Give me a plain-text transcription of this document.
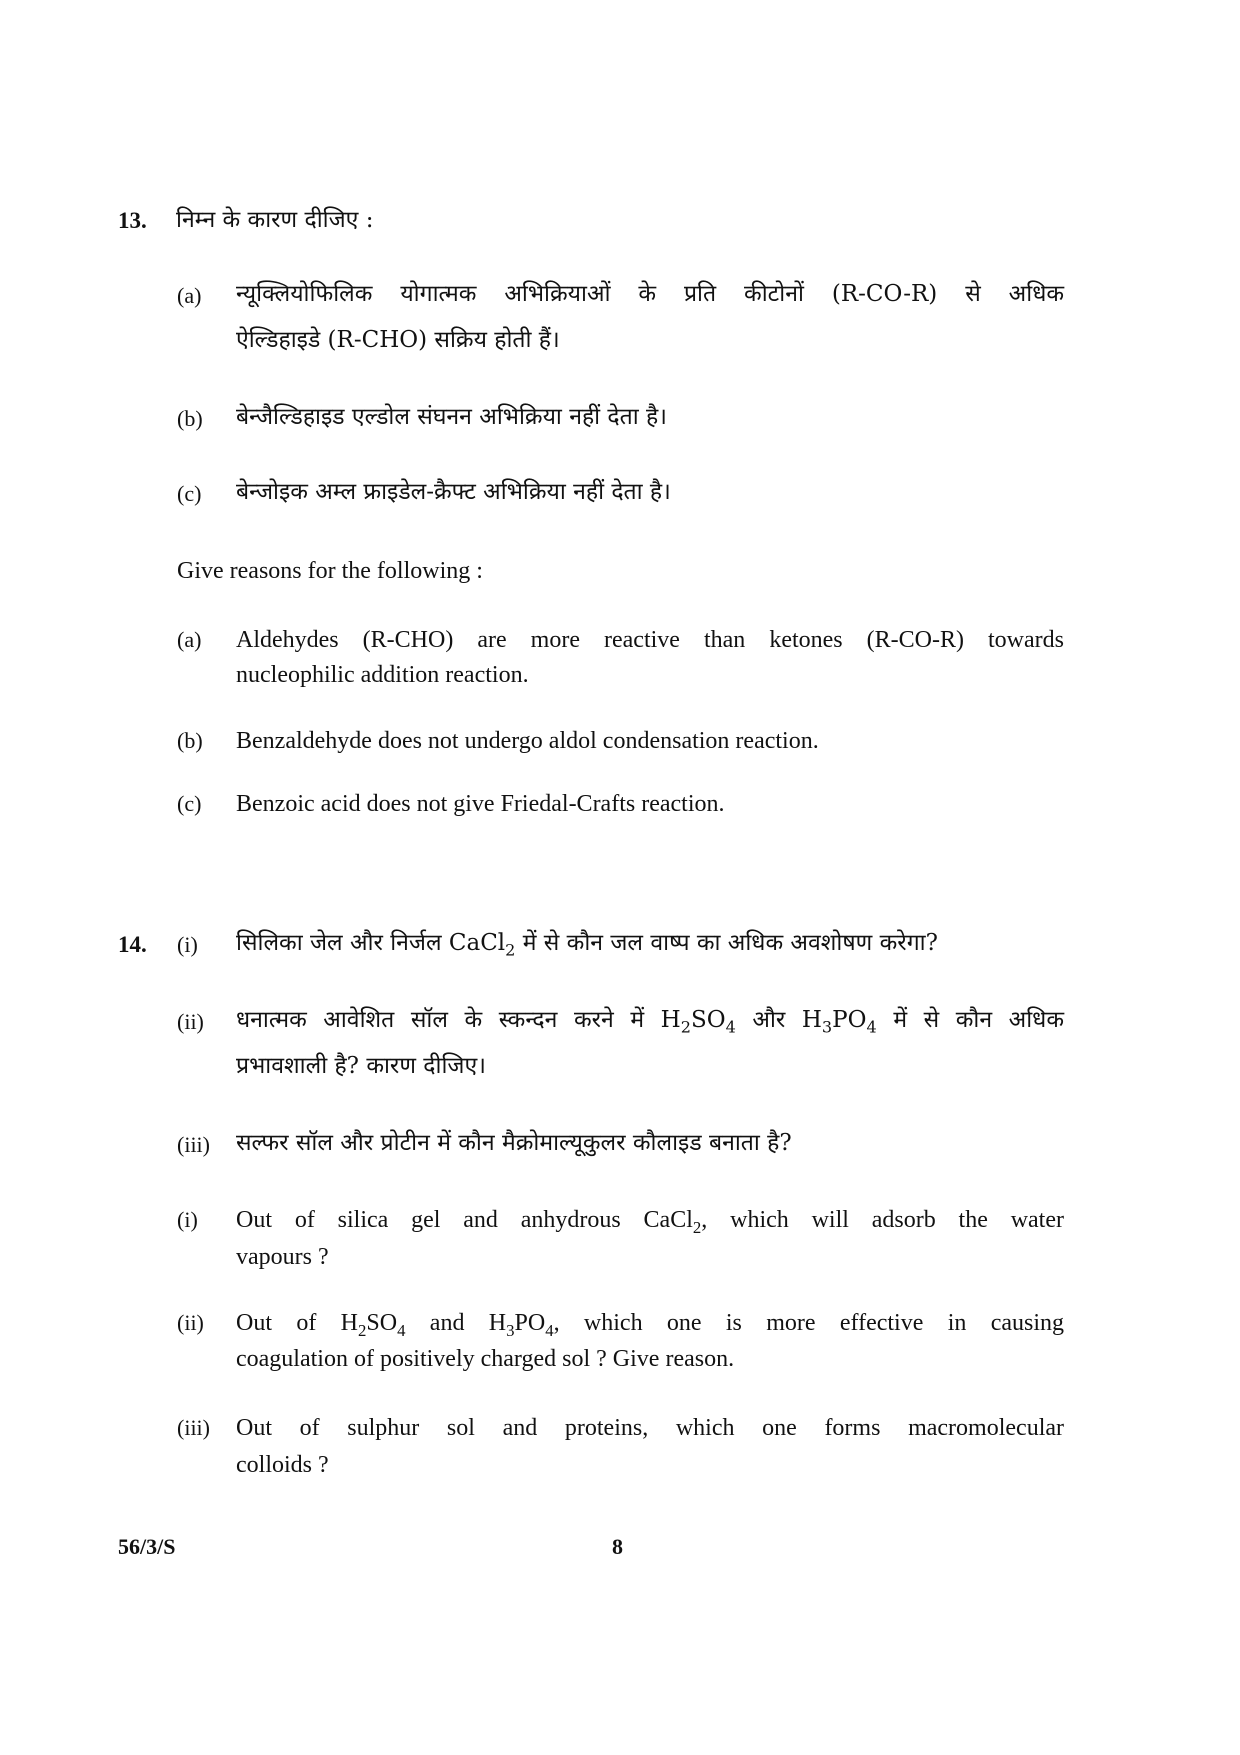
13. निम्न के कारण दीजिए :
(a) न्यूक्लियोफिलिक योगात्मक अभिक्रियाओं के प्रति कीटोनों (R-CO-R) से अधिक
ऐल्डिहाइडे (R-CHO) सक्रिय होती हैं।
(b) बेन्जैल्डिहाइड एल्डोल संघनन अभिक्रिया नहीं देता है।
(c) बेन्जोइक अम्ल फ्राइडेल-क्रैफ्ट अभिक्रिया नहीं देता है।
Give reasons for the following :
(a) Aldehydes (R-CHO) are more reactive than ketones (R-CO-R) towards
nucleophilic addition reaction.
(b) Benzaldehyde does not undergo aldol condensation reaction.
(c) Benzoic acid does not give Friedal-Crafts reaction.
14. (i) सिलिका जेल और निर्जल CaCl$_2$ में से कौन जल वाष्प का अधिक अवशोषण करेगा?
(ii) धनात्मक आवेशित सॉल के स्कन्दन करने में $H_2SO_4$ और $H_3PO_4$ में से कौन अधिक
प्रभावशाली है? कारण दीजिए।
(iii) सल्फर सॉल और प्रोटीन में कौन मैक्रोमाल्यूकुलर कौलाइड बनाता है?
(i) Out of silica gel and anhydrous CaCl$_2$, which will adsorb the water
vapours ?
(ii) Out of $H_2SO_4$ and $H_3PO_4$, which one is more effective in causing
coagulation of positively charged sol ? Give reason.
(iii) Out of sulphur sol and proteins, which one forms macromolecular
colloids ?
56/3/S	8
